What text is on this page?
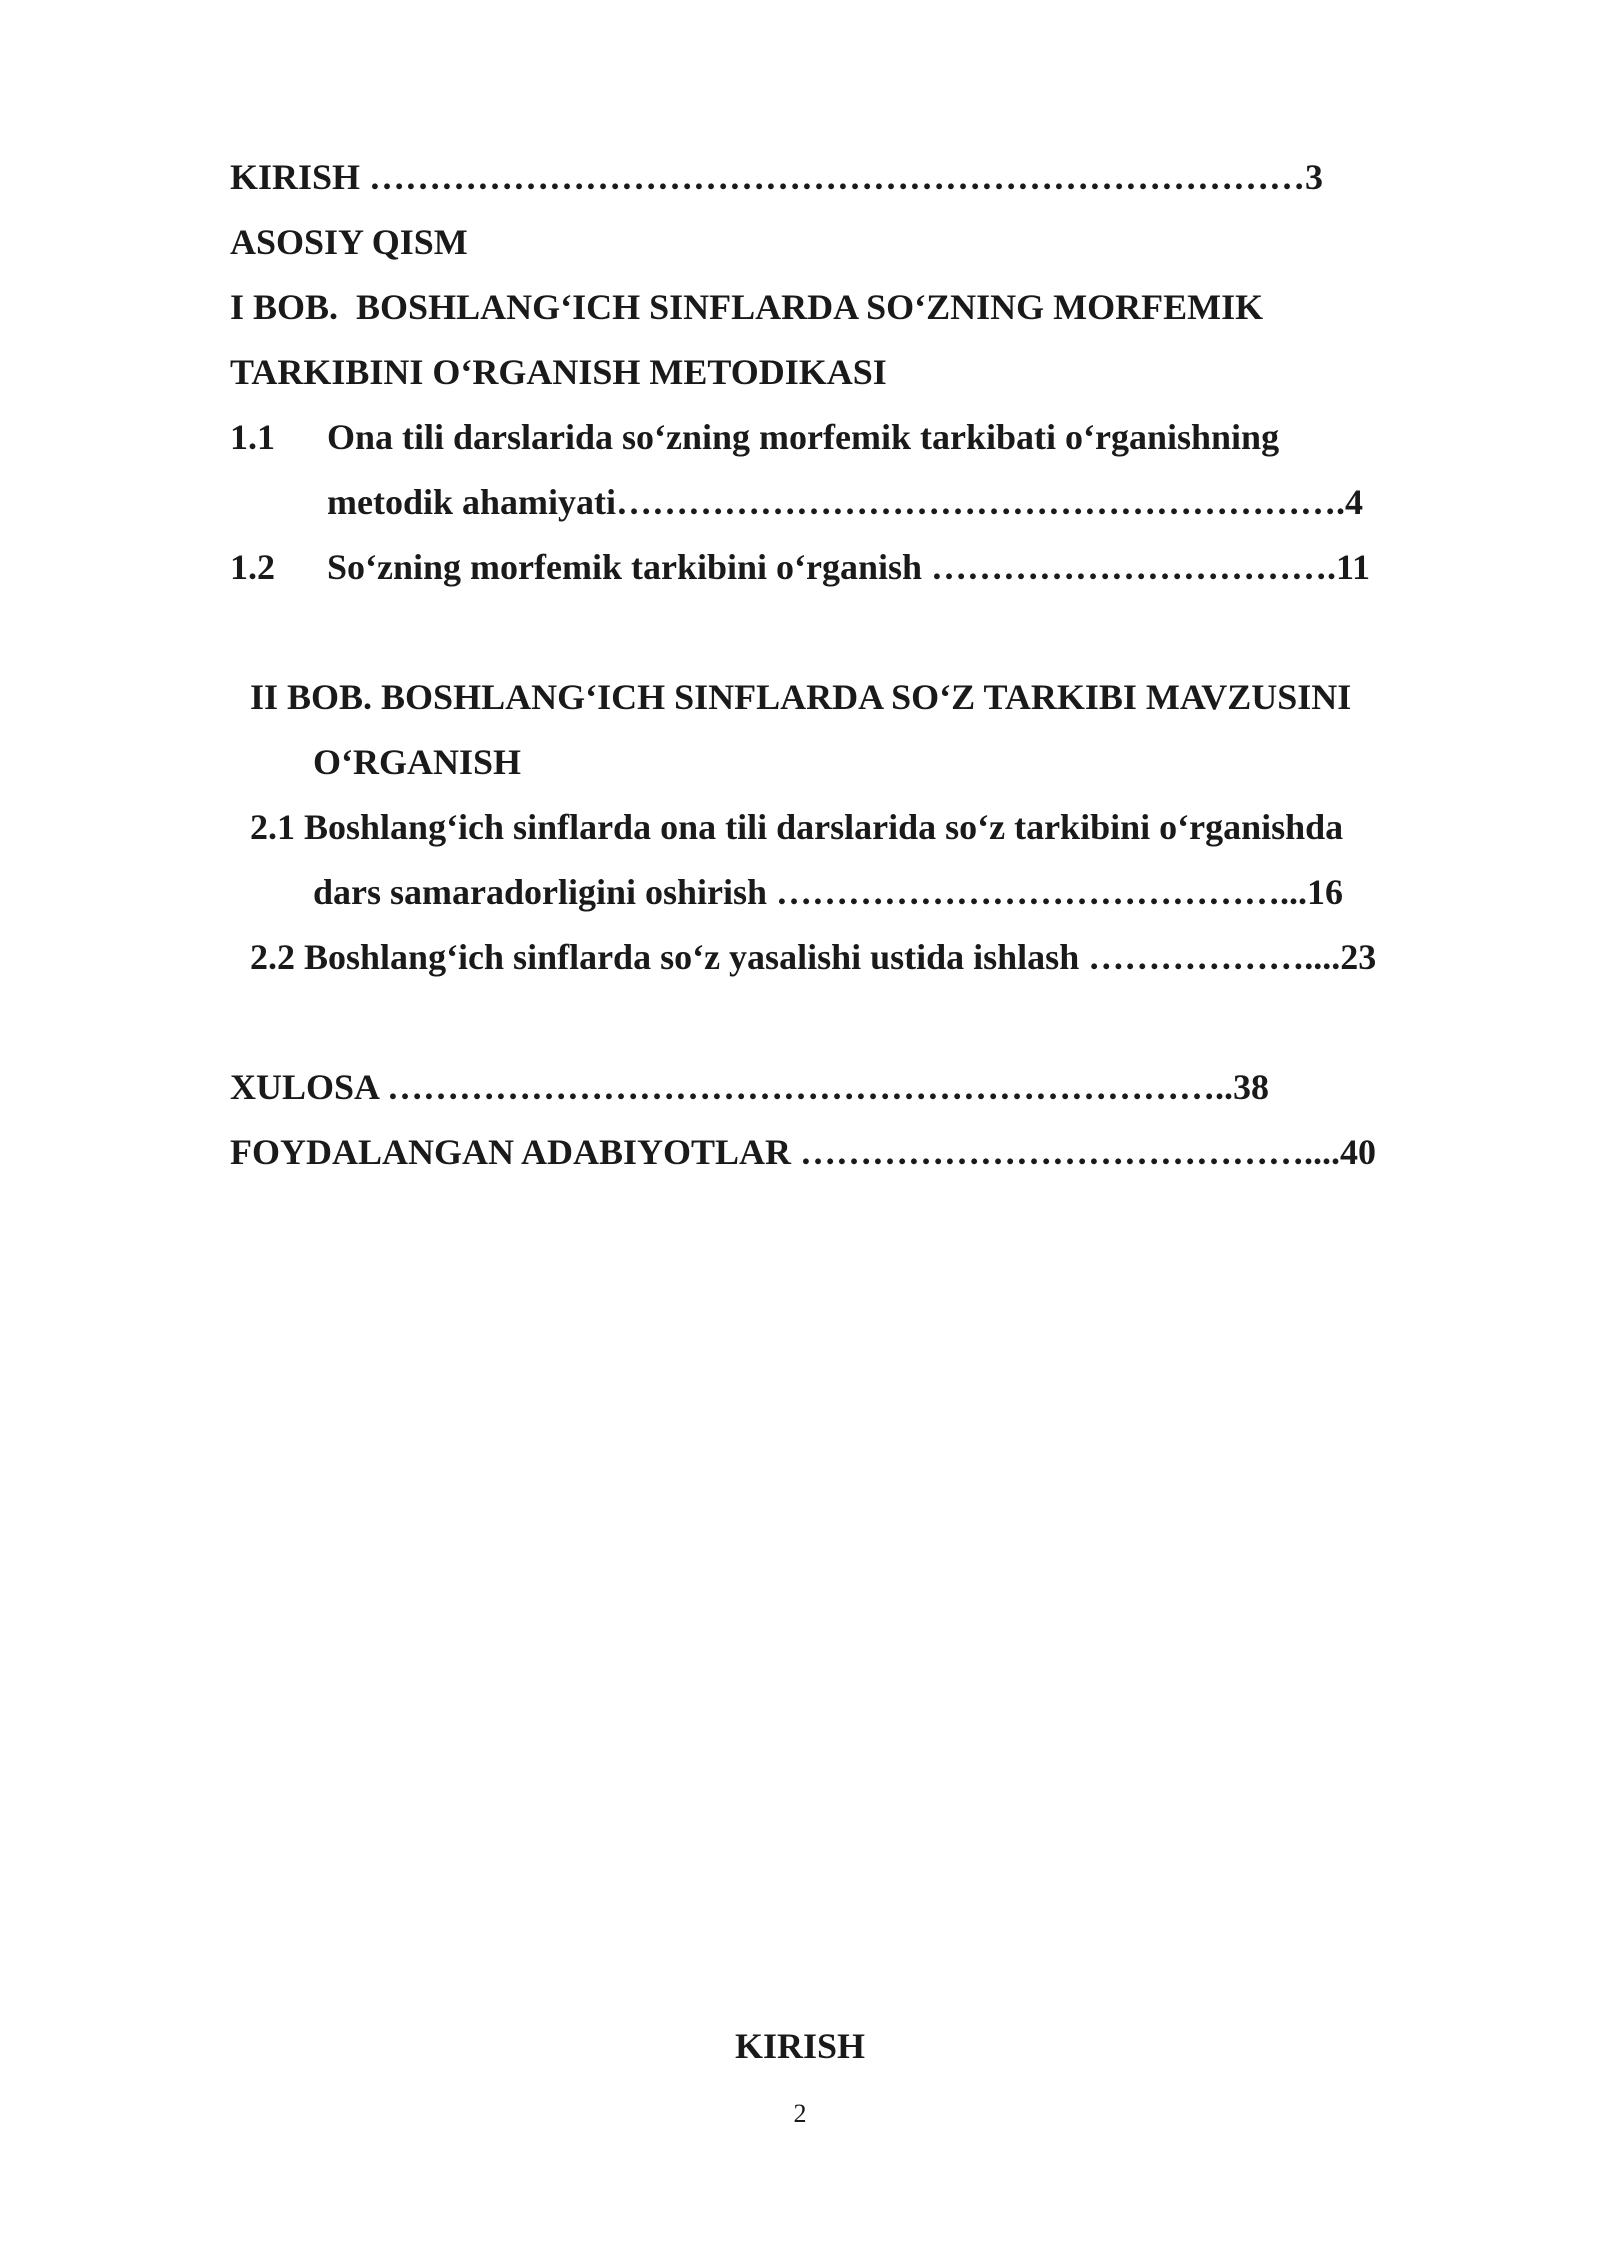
KIRISH ……………………………………………………………………3
ASOSIY QISM
I BOB.  BOSHLANG‘ICH SINFLARDA SO‘ZNING MORFEMIK
TARKIBINI O‘RGANISH METODIKASI
1.1 Ona tili darslarida so‘zning morfemik tarkibati o‘rganishning
metodik ahamiyati…………………………………………………….4
1.2 So‘zning morfemik tarkibini o‘rganish …………………………….11
II BOB. BOSHLANG‘ICH SINFLARDA SO‘Z TARKIBI MAVZUSINI
O‘RGANISH
2.1 Boshlang‘ich sinflarda ona tili darslarida so‘z tarkibini o‘rganishda
dars samaradorligini oshirish ……………………………………...16
2.2 Boshlang‘ich sinflarda so‘z yasalishi ustida ishlash ………………....23
XULOSA ……………………………………………………………..38
FOYDALANGAN ADABIYOTLAR ……………………………………....40
KIRISH
2
